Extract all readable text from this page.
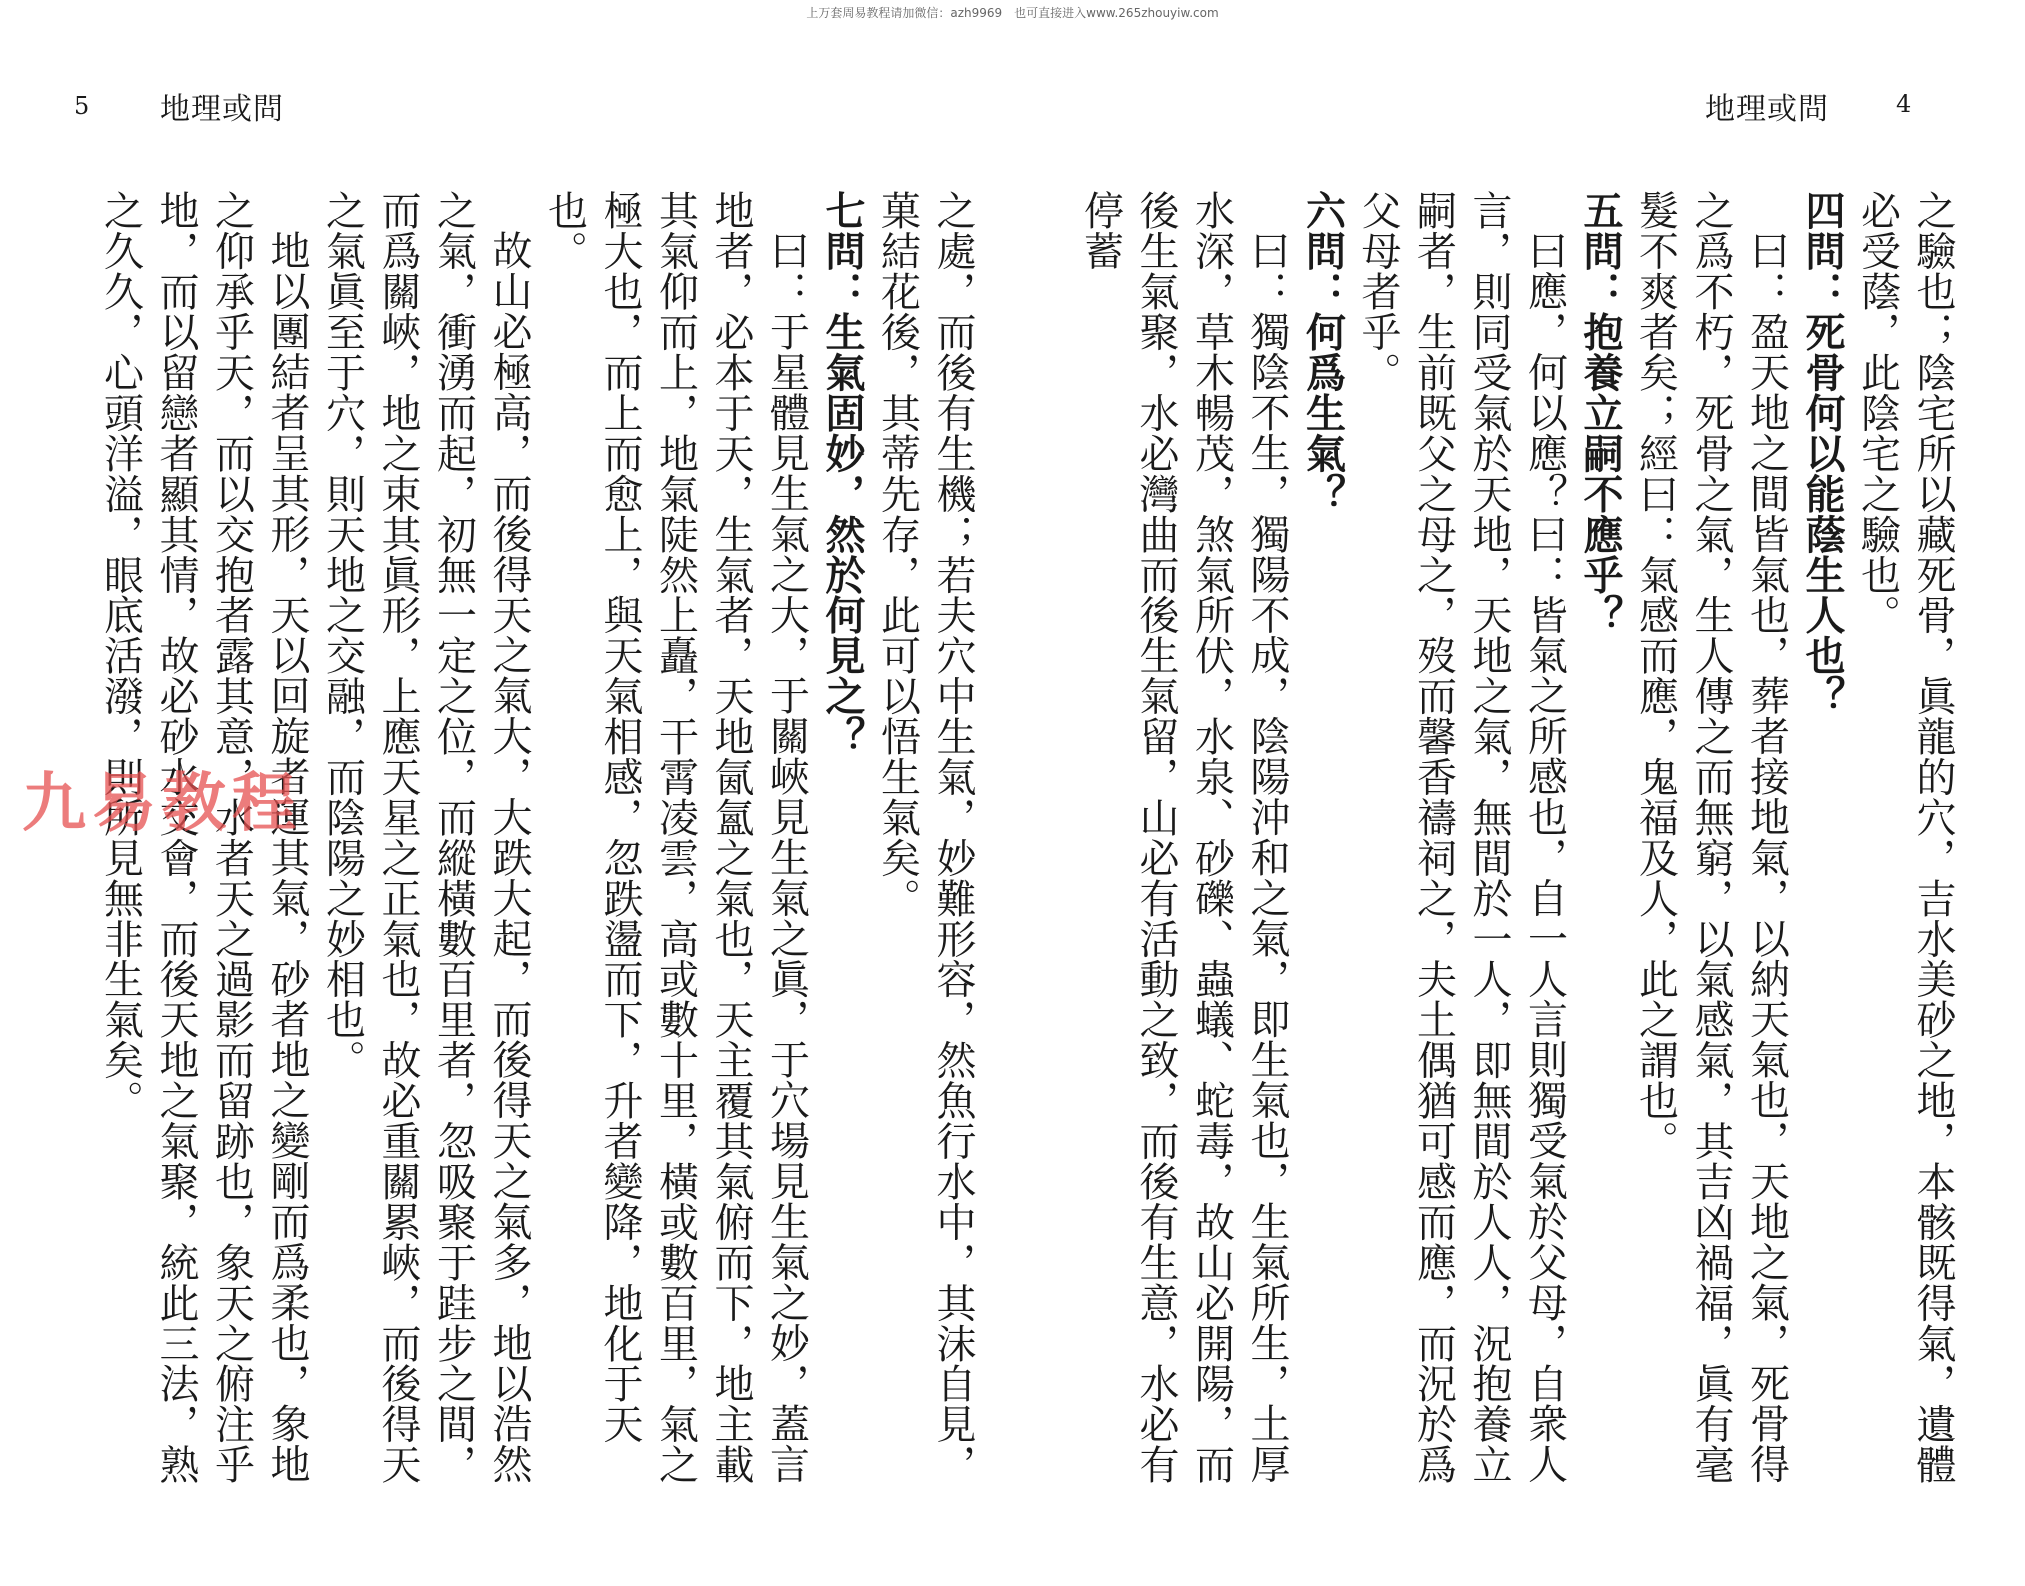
上万套周易教程请加微信：azh9969　也可直接进入www.265zhouyiw.com
5 地理或問	地理或問	4

之驗也；陰宅所以藏死骨，眞龍的穴，吉水美砂之地，本骸既得氣，遺體必受蔭，此陰宅之驗也。

四問：死骨何以能蔭生人也？

曰：盈天地之間皆氣也，葬者接地氣，以納天氣也，天地之氣，死骨得之爲不朽，死骨之氣，生人傳之而無窮，以氣感氣，其吉凶禍福，眞有毫髮不爽者矣；經曰：氣感而應，鬼福及人，此之謂也。

五問：抱養立嗣不應乎？

曰應，何以應？曰：皆氣之所感也，自一人言則獨受氣於父母，自衆人言，則同受氣於天地，天地之氣，無間於一人，即無間於人人，況抱養立嗣者，生前既父之母之，歿而馨香禱祠之，夫土偶猶可感而應，而況於爲父母者乎。

六問：何爲生氣？

曰：獨陰不生，獨陽不成，陰陽沖和之氣，即生氣也，生氣所生，土厚水深，草木暢茂，煞氣所伏，水泉、砂礫、蟲蟻、蛇毒，故山必開陽，而後生氣聚，水必灣曲而後生氣留，山必有活動之致，而後有生意，水必有停蓄

之處，而後有生機；若夫穴中生氣，妙難形容，然魚行水中，其沫自見，菓結花後，其蒂先存，此可以悟生氣矣。

七問：生氣固妙，然於何見之？

曰：于星體見生氣之大，于關峽見生氣之眞，于穴場見生氣之妙，蓋言地者，必本于天，生氣者，天地氤氳之氣也，天主覆其氣俯而下，地主載其氣仰而上，地氣陡然上矗，干霄凌雲，高或數十里，橫或數百里，氣之極大也，而上而愈上，與天氣相感，忽跌盪而下，升者變降，地化于天也。

故山必極高，而後得天之氣大，大跌大起，而後得天之氣多，地以浩然之氣，衝湧而起，初無一定之位，而縱橫數百里者，忽吸聚于跬步之間，而爲關峽，地之束其眞形，上應天星之正氣也，故必重關累峽，而後得天之氣眞至于穴，則天地之交融，而陰陽之妙相也。

地以團結者呈其形，天以回旋者運其氣，砂者地之變剛而爲柔也，象地之仰承乎天，而以交抱者露其意，水者天之過影而留跡也，象天之俯注乎地，而以留戀者顯其情，故必砂水交會，而後天地之氣聚，統此三法，熟之久久，心頭洋溢，眼底活潑，則所見無非生氣矣。

九易教程
